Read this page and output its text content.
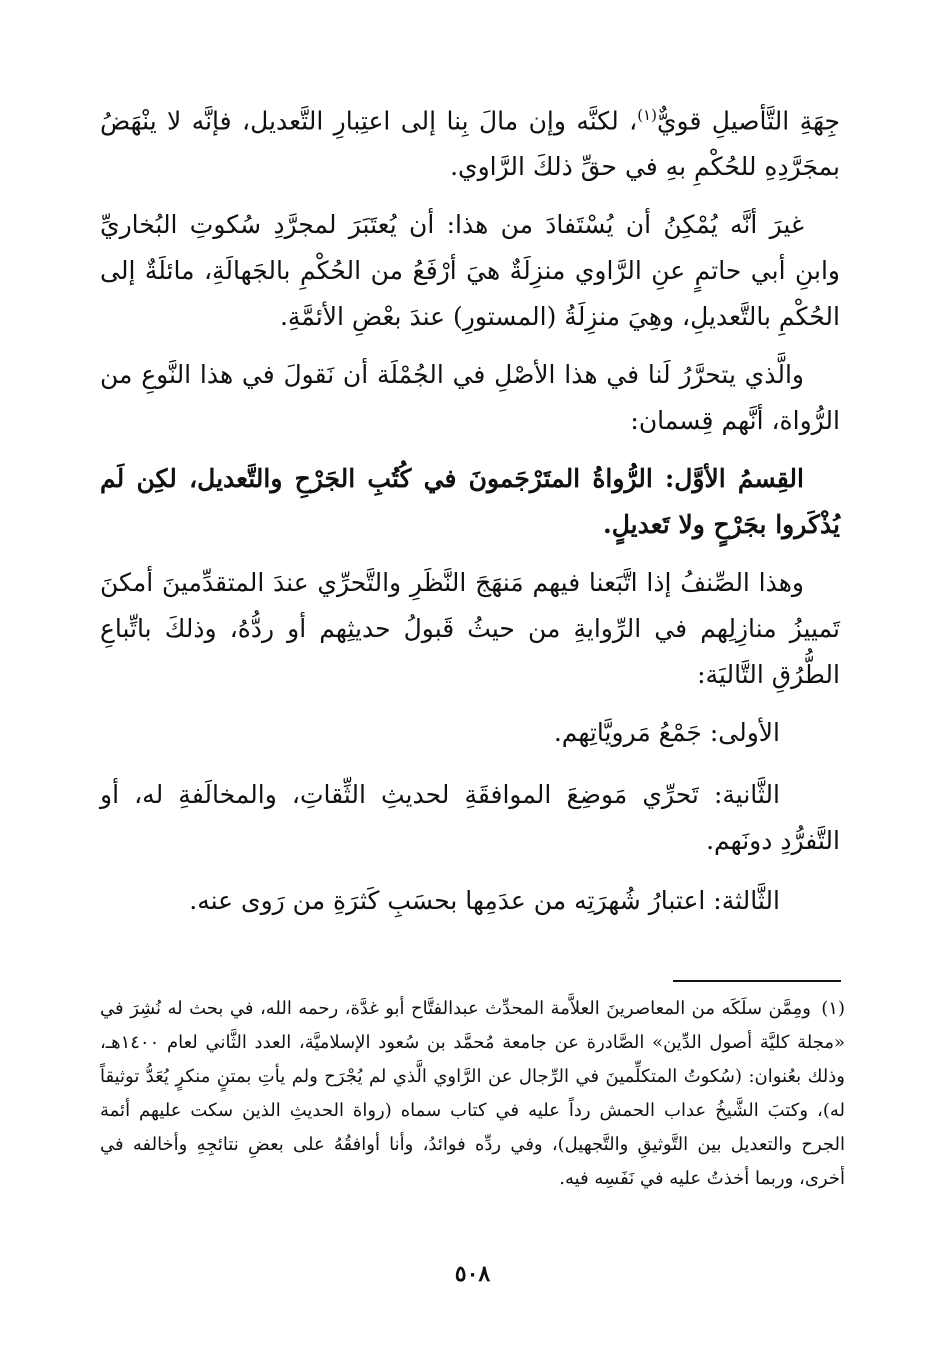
جِهَةِ التَّأصيلِ قويٌّ$^{(١)}$، لكنَّه وإن مالَ بِنا إلى اعتِبارِ التَّعديل، فإنَّه لا ينْهَضُ بمجَرَّدِهِ للحُكْمِ بهِ في حقِّ ذلكَ الرَّاوي.

غيرَ أنَّه يُمْكِنُ أن يُسْتَفادَ من هذا: أن يُعتَبَرَ لمجرَّدِ سُكوتِ البُخاريِّ وابنِ أبي حاتمٍ عنِ الرَّاوي منزِلَةٌ هيَ أرْفَعُ من الحُكْمِ بالجَهالَةِ، مائلَةٌ إلى الحُكْمِ بالتَّعديلِ، وهِيَ منزِلَةُ (المستورِ) عندَ بعْضِ الأئمَّةِ.

والَّذي يتحرَّرُ لَنا في هذا الأصْلِ في الجُمْلَة أن نَقولَ في هذا النَّوعِ من الرُّواة، أنَّهم قِسمان:

القِسمُ الأوَّل: الرُّواةُ المتَرْجَمونَ في كُتُبِ الجَرْحِ والتَّعديل، لكِن لَم يُذْكَروا بجَرْحٍ ولا تَعديلٍ.

وهذا الصِّنفُ إذا اتَّبَعنا فيهم مَنهَجَ النَّظَرِ والتَّحرِّي عندَ المتقدِّمينَ أمكنَ تَمييزُ منازِلِهم في الرِّوايةِ من حيثُ قَبولُ حديثِهم أو ردُّهُ، وذلكَ باتِّباعِ الطُّرُقِ التَّاليَة:

الأولى: جَمْعُ مَرويَّاتِهم.

الثَّانية: تَحرِّي مَوضِعَ الموافقَةِ لحديثِ الثِّقاتِ، والمخالَفةِ له، أو التَّفرُّدِ دونَهم.

الثَّالثة: اعتبارُ شُهرَتِه من عدَمِها بحسَبِ كَثرَةِ من رَوى عنه.

(١)ومِمَّن سلَكَه من المعاصرينَ العلاَّمة المحدِّث عبدالفتَّاح أبو غدَّة، رحمه الله، في بحث له نُشِرَ في «مجلة كليَّة أصول الدِّين» الصَّادرة عن جامعة مُحمَّد بن سُعود الإسلاميَّة، العدد الثَّاني لعام ١٤٠٠هـ، وذلك بعُنوان: (سُكوتُ المتكلِّمينَ في الرِّجال عن الرَّاوي الَّذي لم يُجْرَح ولم يأتِ بمتنٍ منكرٍ يُعَدُّ توثيقاً له)، وكتبَ الشَّيخُ عداب الحمش رداً عليه في كتاب سماه (رواة الحديثِ الذين سكت عليهم أئمة الجرح والتعديل بين التَّوثيقِ والتَّجهيل)، وفي ردِّه فوائدُ، وأنا أوافقُهُ على بعضِ نتائجِهِ وأخالفه في أخرى، وربما أخذتُ عليه في نَفَسِه فيه.
٥٠٨
